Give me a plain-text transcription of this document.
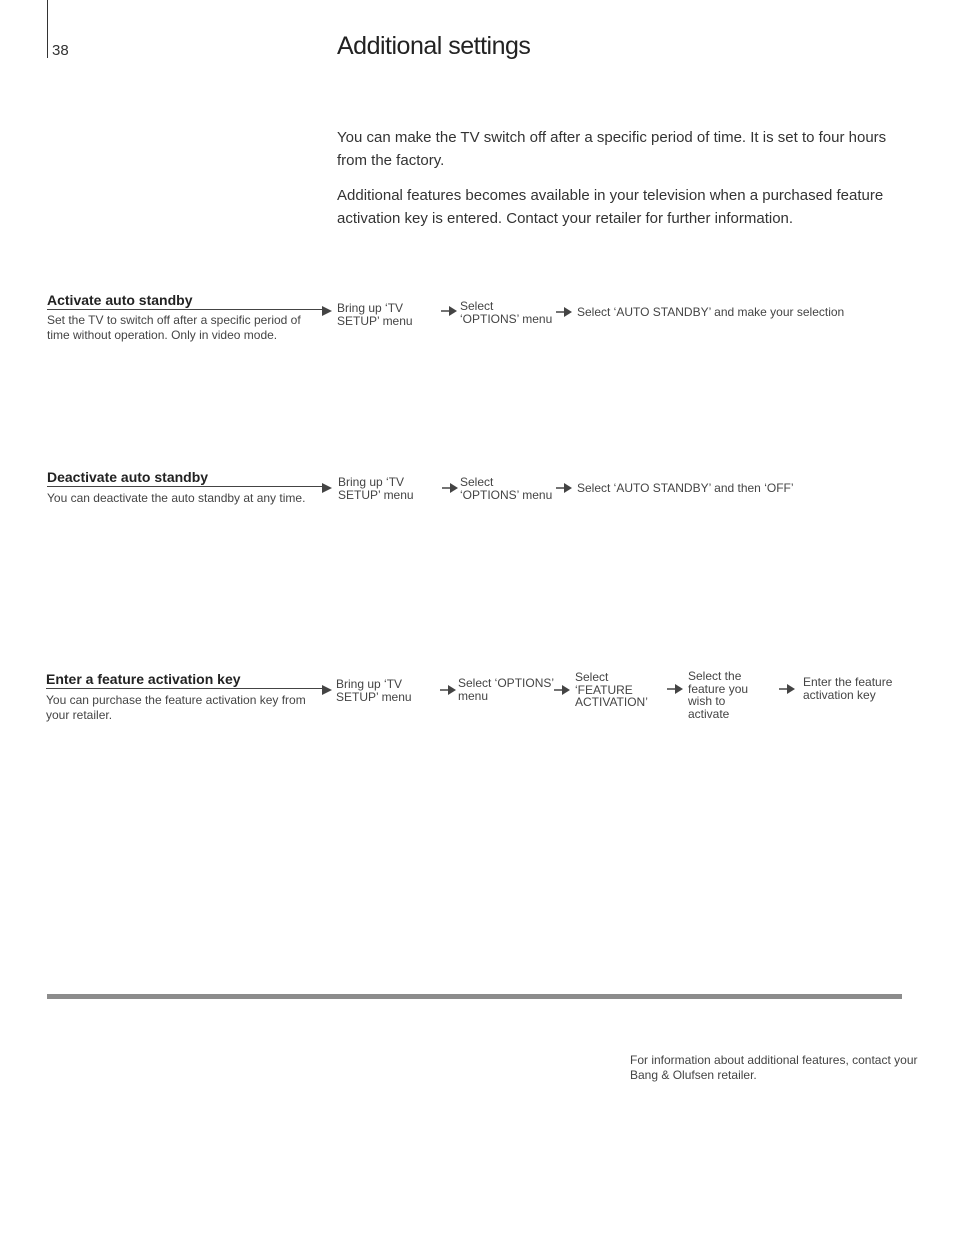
38	Additional settings
You can make the TV switch off after a specific period of time. It is set to four hours from the factory.
Additional features becomes available in your television when a purchased feature activation key is entered. Contact your retailer for further information.
Activate auto standby
Set the TV to switch off after a specific period of time without operation. Only in video mode.
Bring up ‘TV SETUP’ menu
Select ‘OPTIONS’ menu Select ‘AUTO STANDBY’ and make your selection
Deactivate auto standby
You can deactivate the auto standby at any time.
Bring up ‘TV SETUP’ menu
Select ‘OPTIONS’ menu Select ‘AUTO STANDBY’ and then ‘OFF’
Enter a feature activation key
You can purchase the feature activation key from your retailer.
Bring up ‘TV SETUP’ menu
Select ‘OPTIONS’ menu
Select ‘FEATURE ACTIVATION’
Select the feature you wish to activate
Enter the feature activation key
For information about additional features, contact your Bang & Olufsen retailer.
